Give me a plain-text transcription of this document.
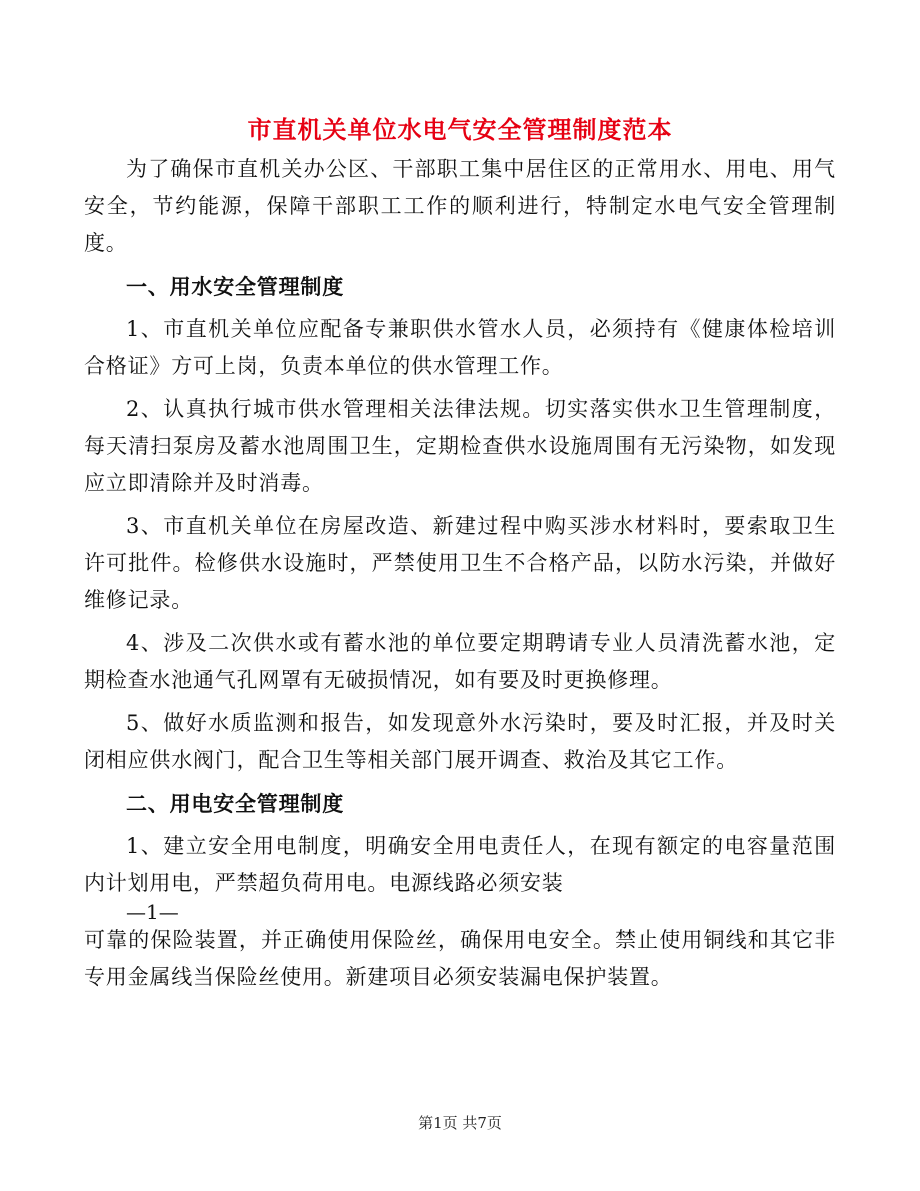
市直机关单位水电气安全管理制度范本

为了确保市直机关办公区、干部职工集中居住区的正常用水、用电、用气安全，节约能源，保障干部职工工作的顺利进行，特制定水电气安全管理制度。

一、用水安全管理制度

1、市直机关单位应配备专兼职供水管水人员，必须持有《健康体检培训合格证》方可上岗，负责本单位的供水管理工作。

2、认真执行城市供水管理相关法律法规。切实落实供水卫生管理制度，每天清扫泵房及蓄水池周围卫生，定期检查供水设施周围有无污染物，如发现应立即清除并及时消毒。

3、市直机关单位在房屋改造、新建过程中购买涉水材料时，要索取卫生许可批件。检修供水设施时，严禁使用卫生不合格产品，以防水污染，并做好维修记录。

4、涉及二次供水或有蓄水池的单位要定期聘请专业人员清洗蓄水池，定期检查水池通气孔网罩有无破损情况，如有要及时更换修理。

5、做好水质监测和报告，如发现意外水污染时，要及时汇报，并及时关闭相应供水阀门，配合卫生等相关部门展开调查、救治及其它工作。

二、用电安全管理制度

1、建立安全用电制度，明确安全用电责任人，在现有额定的电容量范围内计划用电，严禁超负荷用电。电源线路必须安装

—1—

可靠的保险装置，并正确使用保险丝，确保用电安全。禁止使用铜线和其它非专用金属线当保险丝使用。新建项目必须安装漏电保护装置。

第1页 共7页
